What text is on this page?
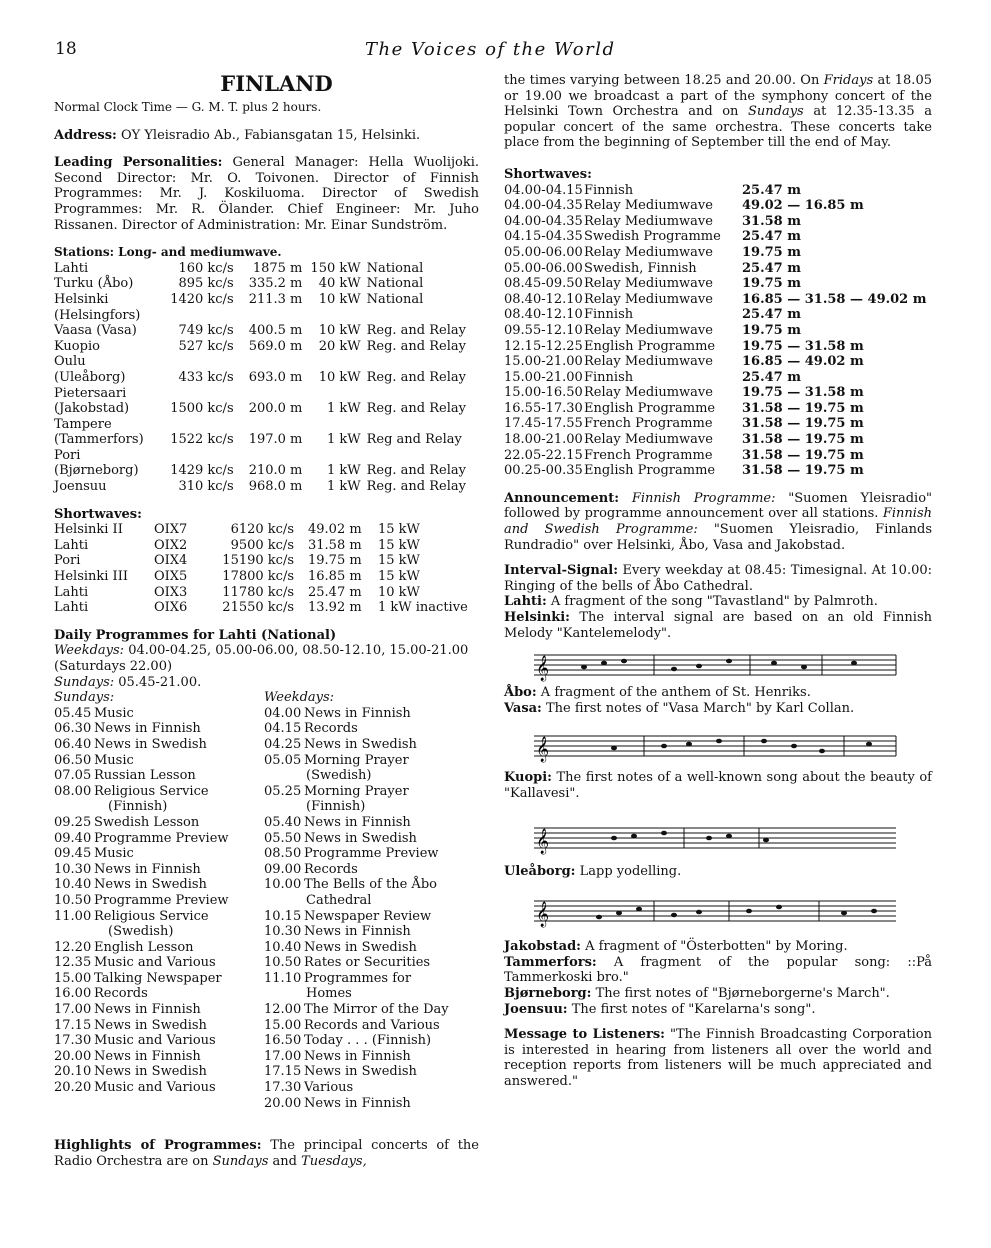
18	The Voices of the World
FINLAND

Normal Clock Time — G. M. T. plus 2 hours.

Address: OY Yleisradio Ab., Fabiansgatan 15, Helsinki.

Leading Personalities: General Manager: Hella Wuolijoki. Second Director: Mr. O. Toivonen. Director of Finnish Programmes: Mr. J. Koskiluoma. Director of Swedish Programmes: Mr. R. Ölander. Chief Engineer: Mr. Juho Rissanen. Director of Administration: Mr. Einar Sundström.

Stations: Long- and mediumwave.
Lahti	160 kc/s	1875 m	150 kW	National
Turku (Åbo)	895 kc/s	335.2 m	40 kW	National
Helsinki	1420 kc/s	211.3 m	10 kW	National
(Helsingfors)				
Vaasa (Vasa)	749 kc/s	400.5 m	10 kW	Reg. and Relay
Kuopio	527 kc/s	569.0 m	20 kW	Reg. and Relay
Oulu				
(Uleåborg)	433 kc/s	693.0 m	10 kW	Reg. and Relay
Pietersaari				
(Jakobstad)	1500 kc/s	200.0 m	1 kW	Reg. and Relay
Tampere				
(Tammerfors)	1522 kc/s	197.0 m	1 kW	Reg and Relay
Pori				
(Bjørneborg)	1429 kc/s	210.0 m	1 kW	Reg. and Relay
Joensuu	310 kc/s	968.0 m	1 kW	Reg. and Relay
Shortwaves:
Helsinki II	OIX7	6120 kc/s	49.02 m	15 kW
Lahti	OIX2	9500 kc/s	31.58 m	15 kW
Pori	OIX4	15190 kc/s	19.75 m	15 kW
Helsinki III	OIX5	17800 kc/s	16.85 m	15 kW
Lahti	OIX3	11780 kc/s	25.47 m	10 kW
Lahti	OIX6	21550 kc/s	13.92 m	1 kW inactive
Daily Programmes for Lahti (National)

Weekdays: 04.00-04.25, 05.00-06.00, 08.50-12.10, 15.00-21.00 (Saturdays 22.00)

Sundays: 05.45-21.00.

Sundays:
05.45	Music
06.30	News in Finnish
06.40	News in Swedish
06.50	Music
07.05	Russian Lesson
08.00	Religious Service
	(Finnish)
09.25	Swedish Lesson
09.40	Programme Preview
09.45	Music
10.30	News in Finnish
10.40	News in Swedish
10.50	Programme Preview
11.00	Religious Service
	(Swedish)
12.20	English Lesson
12.35	Music and Various
15.00	Talking Newspaper
16.00	Records
17.00	News in Finnish
17.15	News in Swedish
17.30	Music and Various
20.00	News in Finnish
20.10	News in Swedish
20.20	Music and Various
Weekdays:
04.00	News in Finnish
04.15	Records
04.25	News in Swedish
05.05	Morning Prayer
	(Swedish)
05.25	Morning Prayer
	(Finnish)
05.40	News in Finnish
05.50	News in Swedish
08.50	Programme Preview
09.00	Records
10.00	The Bells of the Åbo
	Cathedral
10.15	Newspaper Review
10.30	News in Finnish
10.40	News in Swedish
10.50	Rates or Securities
11.10	Programmes for
	Homes
12.00	The Mirror of the Day
15.00	Records and Various
16.50	Today . . . (Finnish)
17.00	News in Finnish
17.15	News in Swedish
17.30	Various
20.00	News in Finnish

Highlights of Programmes: The principal concerts of the Radio Orchestra are on Sundays and Tuesdays,

the times varying between 18.25 and 20.00. On Fridays at 18.05 or 19.00 we broadcast a part of the symphony concert of the Helsinki Town Orchestra and on Sundays at 12.35-13.35 a popular concert of the same orchestra. These concerts take place from the beginning of September till the end of May.

Shortwaves:
04.00-04.15	Finnish	25.47 m
04.00-04.35	Relay Mediumwave	49.02 — 16.85 m
04.00-04.35	Relay Mediumwave	31.58 m
04.15-04.35	Swedish Programme	25.47 m
05.00-06.00	Relay Mediumwave	19.75 m
05.00-06.00	Swedish, Finnish	25.47 m
08.45-09.50	Relay Mediumwave	19.75 m
08.40-12.10	Relay Mediumwave	16.85 — 31.58 — 49.02 m
08.40-12.10	Finnish	25.47 m
09.55-12.10	Relay Mediumwave	19.75 m
12.15-12.25	English Programme	19.75 — 31.58 m
15.00-21.00	Relay Mediumwave	16.85 — 49.02 m
15.00-21.00	Finnish	25.47 m
15.00-16.50	Relay Mediumwave	19.75 — 31.58 m
16.55-17.30	English Programme	31.58 — 19.75 m
17.45-17.55	French Programme	31.58 — 19.75 m
18.00-21.00	Relay Mediumwave	31.58 — 19.75 m
22.05-22.15	French Programme	31.58 — 19.75 m
00.25-00.35	English Programme	31.58 — 19.75 m

Announcement: Finnish Programme: "Suomen Yleisradio" followed by programme announcement over all stations. Finnish and Swedish Programme: "Suomen Yleisradio, Finlands Rundradio" over Helsinki, Åbo, Vasa and Jakobstad.

Interval-Signal: Every weekday at 08.45: Timesignal. At 10.00: Ringing of the bells of Åbo Cathedral.

Lahti: A fragment of the song "Tavastland" by Palmroth.

Helsinki: The interval signal are based on an old Finnish Melody "Kantelemelody".

𝄞

Åbo: A fragment of the anthem of St. Henriks.

Vasa: The first notes of "Vasa March" by Karl Collan.

𝄞

Kuopi: The first notes of a well-known song about the beauty of "Kallavesi".

𝄞

Uleåborg: Lapp yodelling.

𝄞

Jakobstad: A fragment of "Österbotten" by Moring.

Tammerfors: A fragment of the popular song: ::På Tammerkoski bro."

Bjørneborg: The first notes of "Bjørneborgerne's March".

Joensuu: The first notes of "Karelarna's song".

Message to Listeners: "The Finnish Broadcasting Corporation is interested in hearing from listeners all over the world and reception reports from listeners will be much appreciated and answered."
